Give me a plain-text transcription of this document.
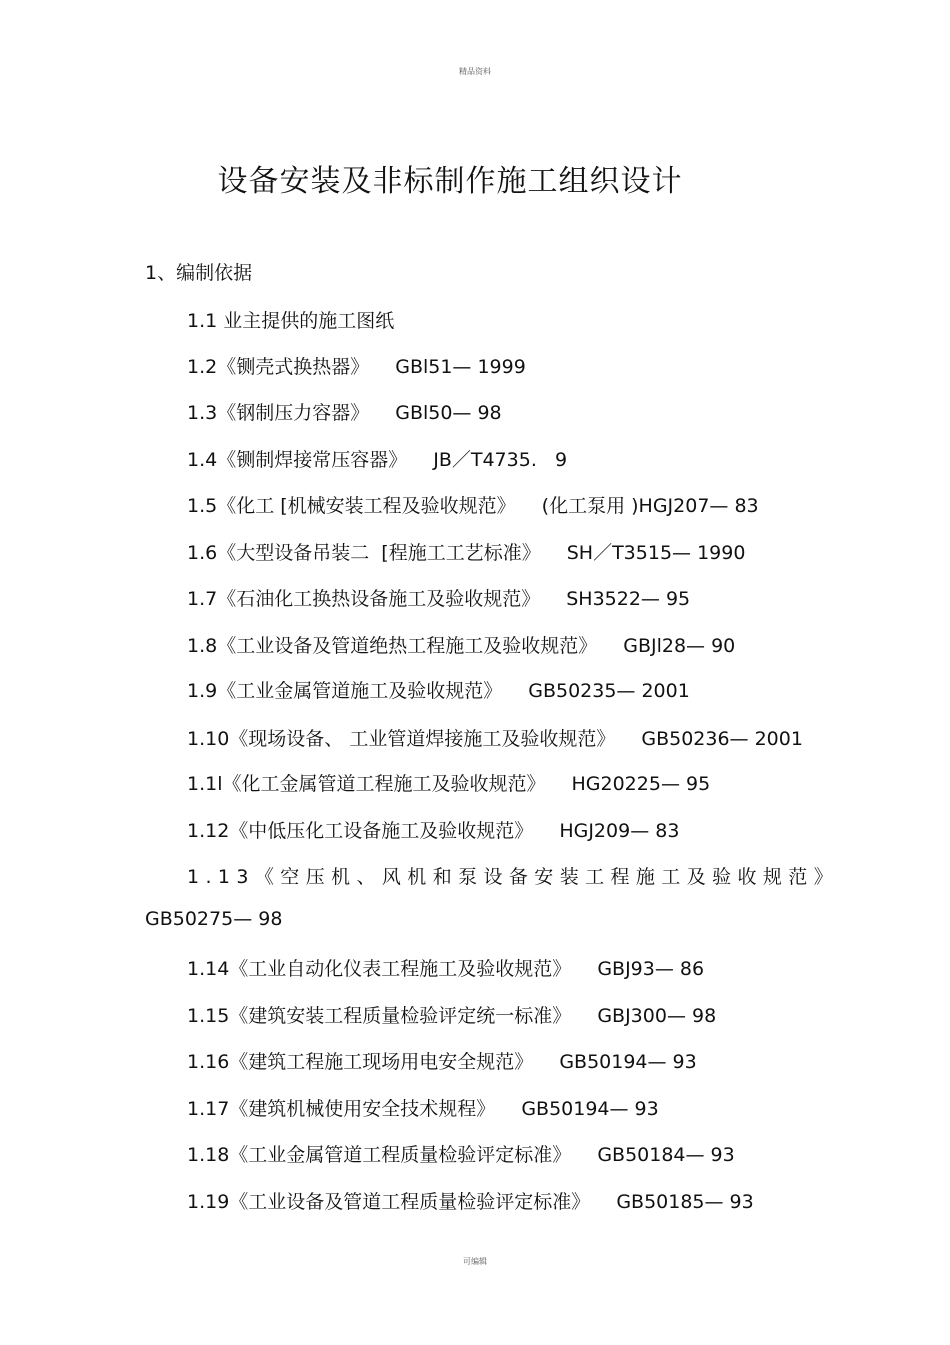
精品资料
设备安装及非标制作施工组织设计
1、编制依据
1.1 业主提供的施工图纸
1.2《铡壳式换热器》 GBl51— 1999
1.3《钢制压力容器》 GBl50— 98
1.4《铡制焊接常压容器》 JB／T4735.   9
1.5《化工 [机械安装工程及验收规范》 (化工泵用 )HGJ207— 83
1.6《大型设备吊装二  [程施工工艺标准》 SH／T3515— 1990
1.7《石油化工换热设备施工及验收规范》 SH3522— 95
1.8《工业设备及管道绝热工程施工及验收规范》 GBJl28— 90
1.9《工业金属管道施工及验收规范》 GB50235— 2001
1.10《现场设备、 工业管道焊接施工及验收规范》 GB50236— 2001
1.1l《化工金属管道工程施工及验收规范》 HG20225— 95
1.12《中低压化工设备施工及验收规范》 HGJ209— 83
1.13《空压机、风机和泵设备安装工程施工及验收规范》
GB50275— 98
1.14《工业自动化仪表工程施工及验收规范》 GBJ93— 86
1.15《建筑安装工程质量检验评定统一标准》 GBJ300— 98
1.16《建筑工程施工现场用电安全规范》 GB50194— 93
1.17《建筑机械使用安全技术规程》 GB50194— 93
1.18《工业金属管道工程质量检验评定标准》 GB50184— 93
1.19《工业设备及管道工程质量检验评定标准》 GB50185— 93
可编辑
